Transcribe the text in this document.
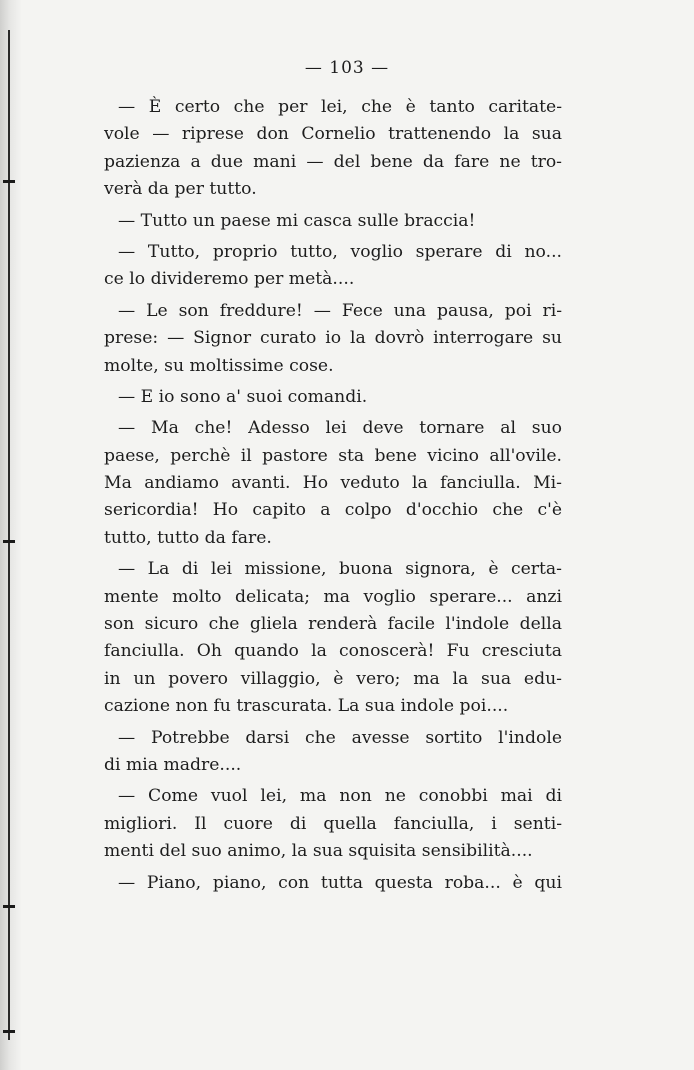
— 103 —
— È certo che per lei, che è tanto caritate-
vole — riprese don Cornelio trattenendo la sua
pazienza a due mani — del bene da fare ne tro-
verà da per tutto.
— Tutto un paese mi casca sulle braccia!
— Tutto, proprio tutto, voglio sperare di no...
ce lo divideremo per metà....
— Le son freddure! — Fece una pausa, poi ri-
prese: — Signor curato io la dovrò interrogare su
molte, su moltissime cose.
— E io sono a' suoi comandi.
— Ma che! Adesso lei deve tornare al suo
paese, perchè il pastore sta bene vicino all'ovile.
Ma andiamo avanti. Ho veduto la fanciulla. Mi-
sericordia! Ho capito a colpo d'occhio che c'è
tutto, tutto da fare.
— La di lei missione, buona signora, è certa-
mente molto delicata; ma voglio sperare... anzi
son sicuro che gliela renderà facile l'indole della
fanciulla. Oh quando la conoscerà! Fu cresciuta
in un povero villaggio, è vero; ma la sua edu-
cazione non fu trascurata. La sua indole poi....
— Potrebbe darsi che avesse sortito l'indole
di mia madre....
— Come vuol lei, ma non ne conobbi mai di
migliori. Il cuore di quella fanciulla, i senti-
menti del suo animo, la sua squisita sensibilità....
— Piano, piano, con tutta questa roba... è qui
